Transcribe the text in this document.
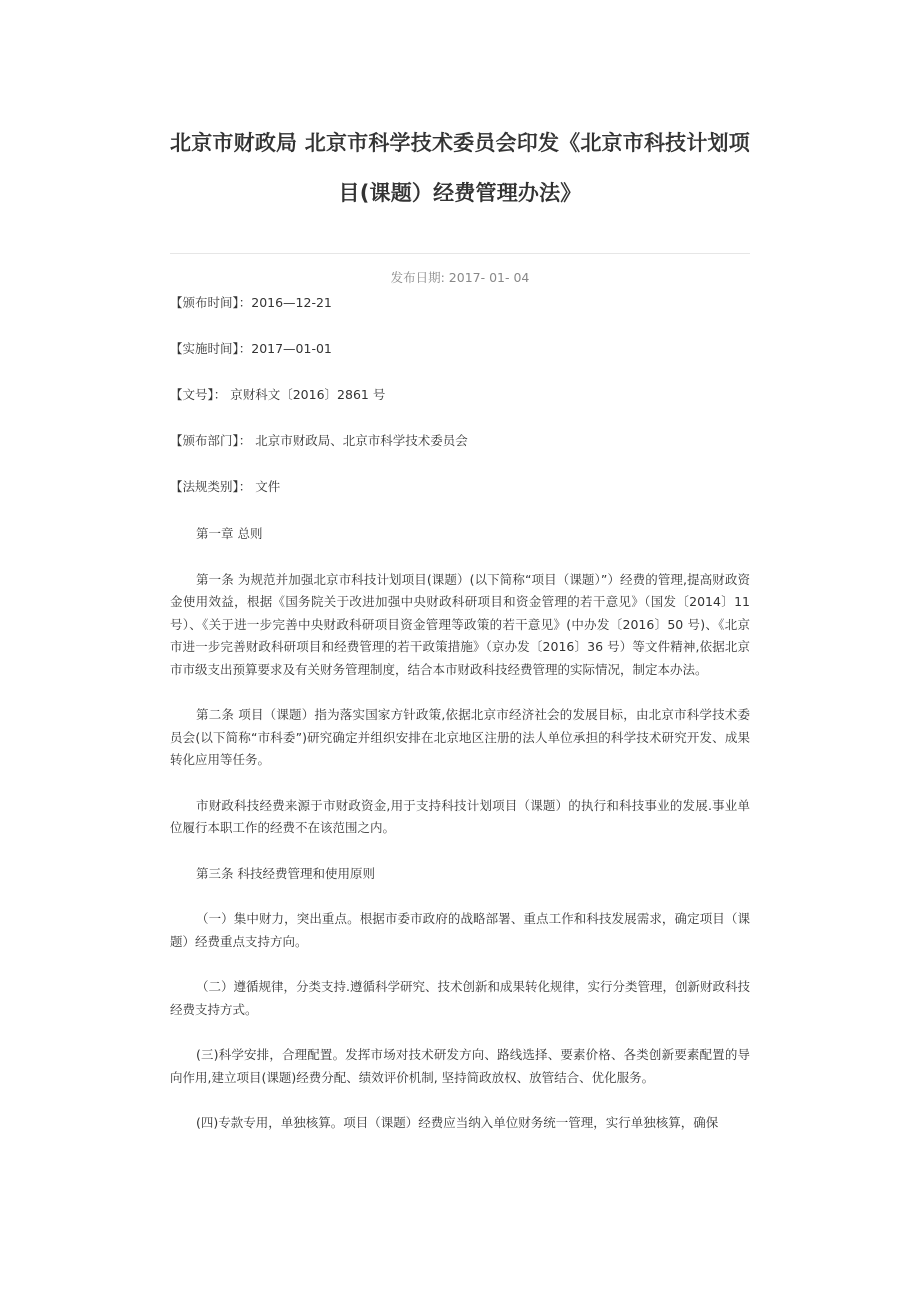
北京市财政局 北京市科学技术委员会印发《北京市科技计划项目(课题）经费管理办法》
发布日期: 2017- 01- 04

【颁布时间】：2016—12-21

【实施时间】：2017—01-01

【文号】： 京财科文〔2016〕2861 号

【颁布部门】： 北京市财政局、北京市科学技术委员会

【法规类别】： 文件

第一章 总则

第一条 为规范并加强北京市科技计划项目(课题）(以下简称“项目（课题）”）经费的管理,提高财政资金使用效益，根据《国务院关于改进加强中央财政科研项目和资金管理的若干意见》（国发〔2014〕11 号）、《关于进一步完善中央财政科研项目资金管理等政策的若干意见》(中办发〔2016〕50 号)、《北京市进一步完善财政科研项目和经费管理的若干政策措施》（京办发〔2016〕36 号）等文件精神,依据北京市市级支出预算要求及有关财务管理制度，结合本市财政科技经费管理的实际情况，制定本办法。

第二条 项目（课题）指为落实国家方针政策,依据北京市经济社会的发展目标，由北京市科学技术委员会(以下简称“市科委”)研究确定并组织安排在北京地区注册的法人单位承担的科学技术研究开发、成果转化应用等任务。

市财政科技经费来源于市财政资金,用于支持科技计划项目（课题）的执行和科技事业的发展.事业单位履行本职工作的经费不在该范围之内。

第三条 科技经费管理和使用原则

（一）集中财力，突出重点。根据市委市政府的战略部署、重点工作和科技发展需求，确定项目（课题）经费重点支持方向。

（二）遵循规律，分类支持.遵循科学研究、技术创新和成果转化规律，实行分类管理，创新财政科技经费支持方式。

(三)科学安排，合理配置。发挥市场对技术研发方向、路线选择、要素价格、各类创新要素配置的导向作用,建立项目(课题)经费分配、绩效评价机制, 坚持简政放权、放管结合、优化服务。

(四)专款专用，单独核算。项目（课题）经费应当纳入单位财务统一管理，实行单独核算，确保
